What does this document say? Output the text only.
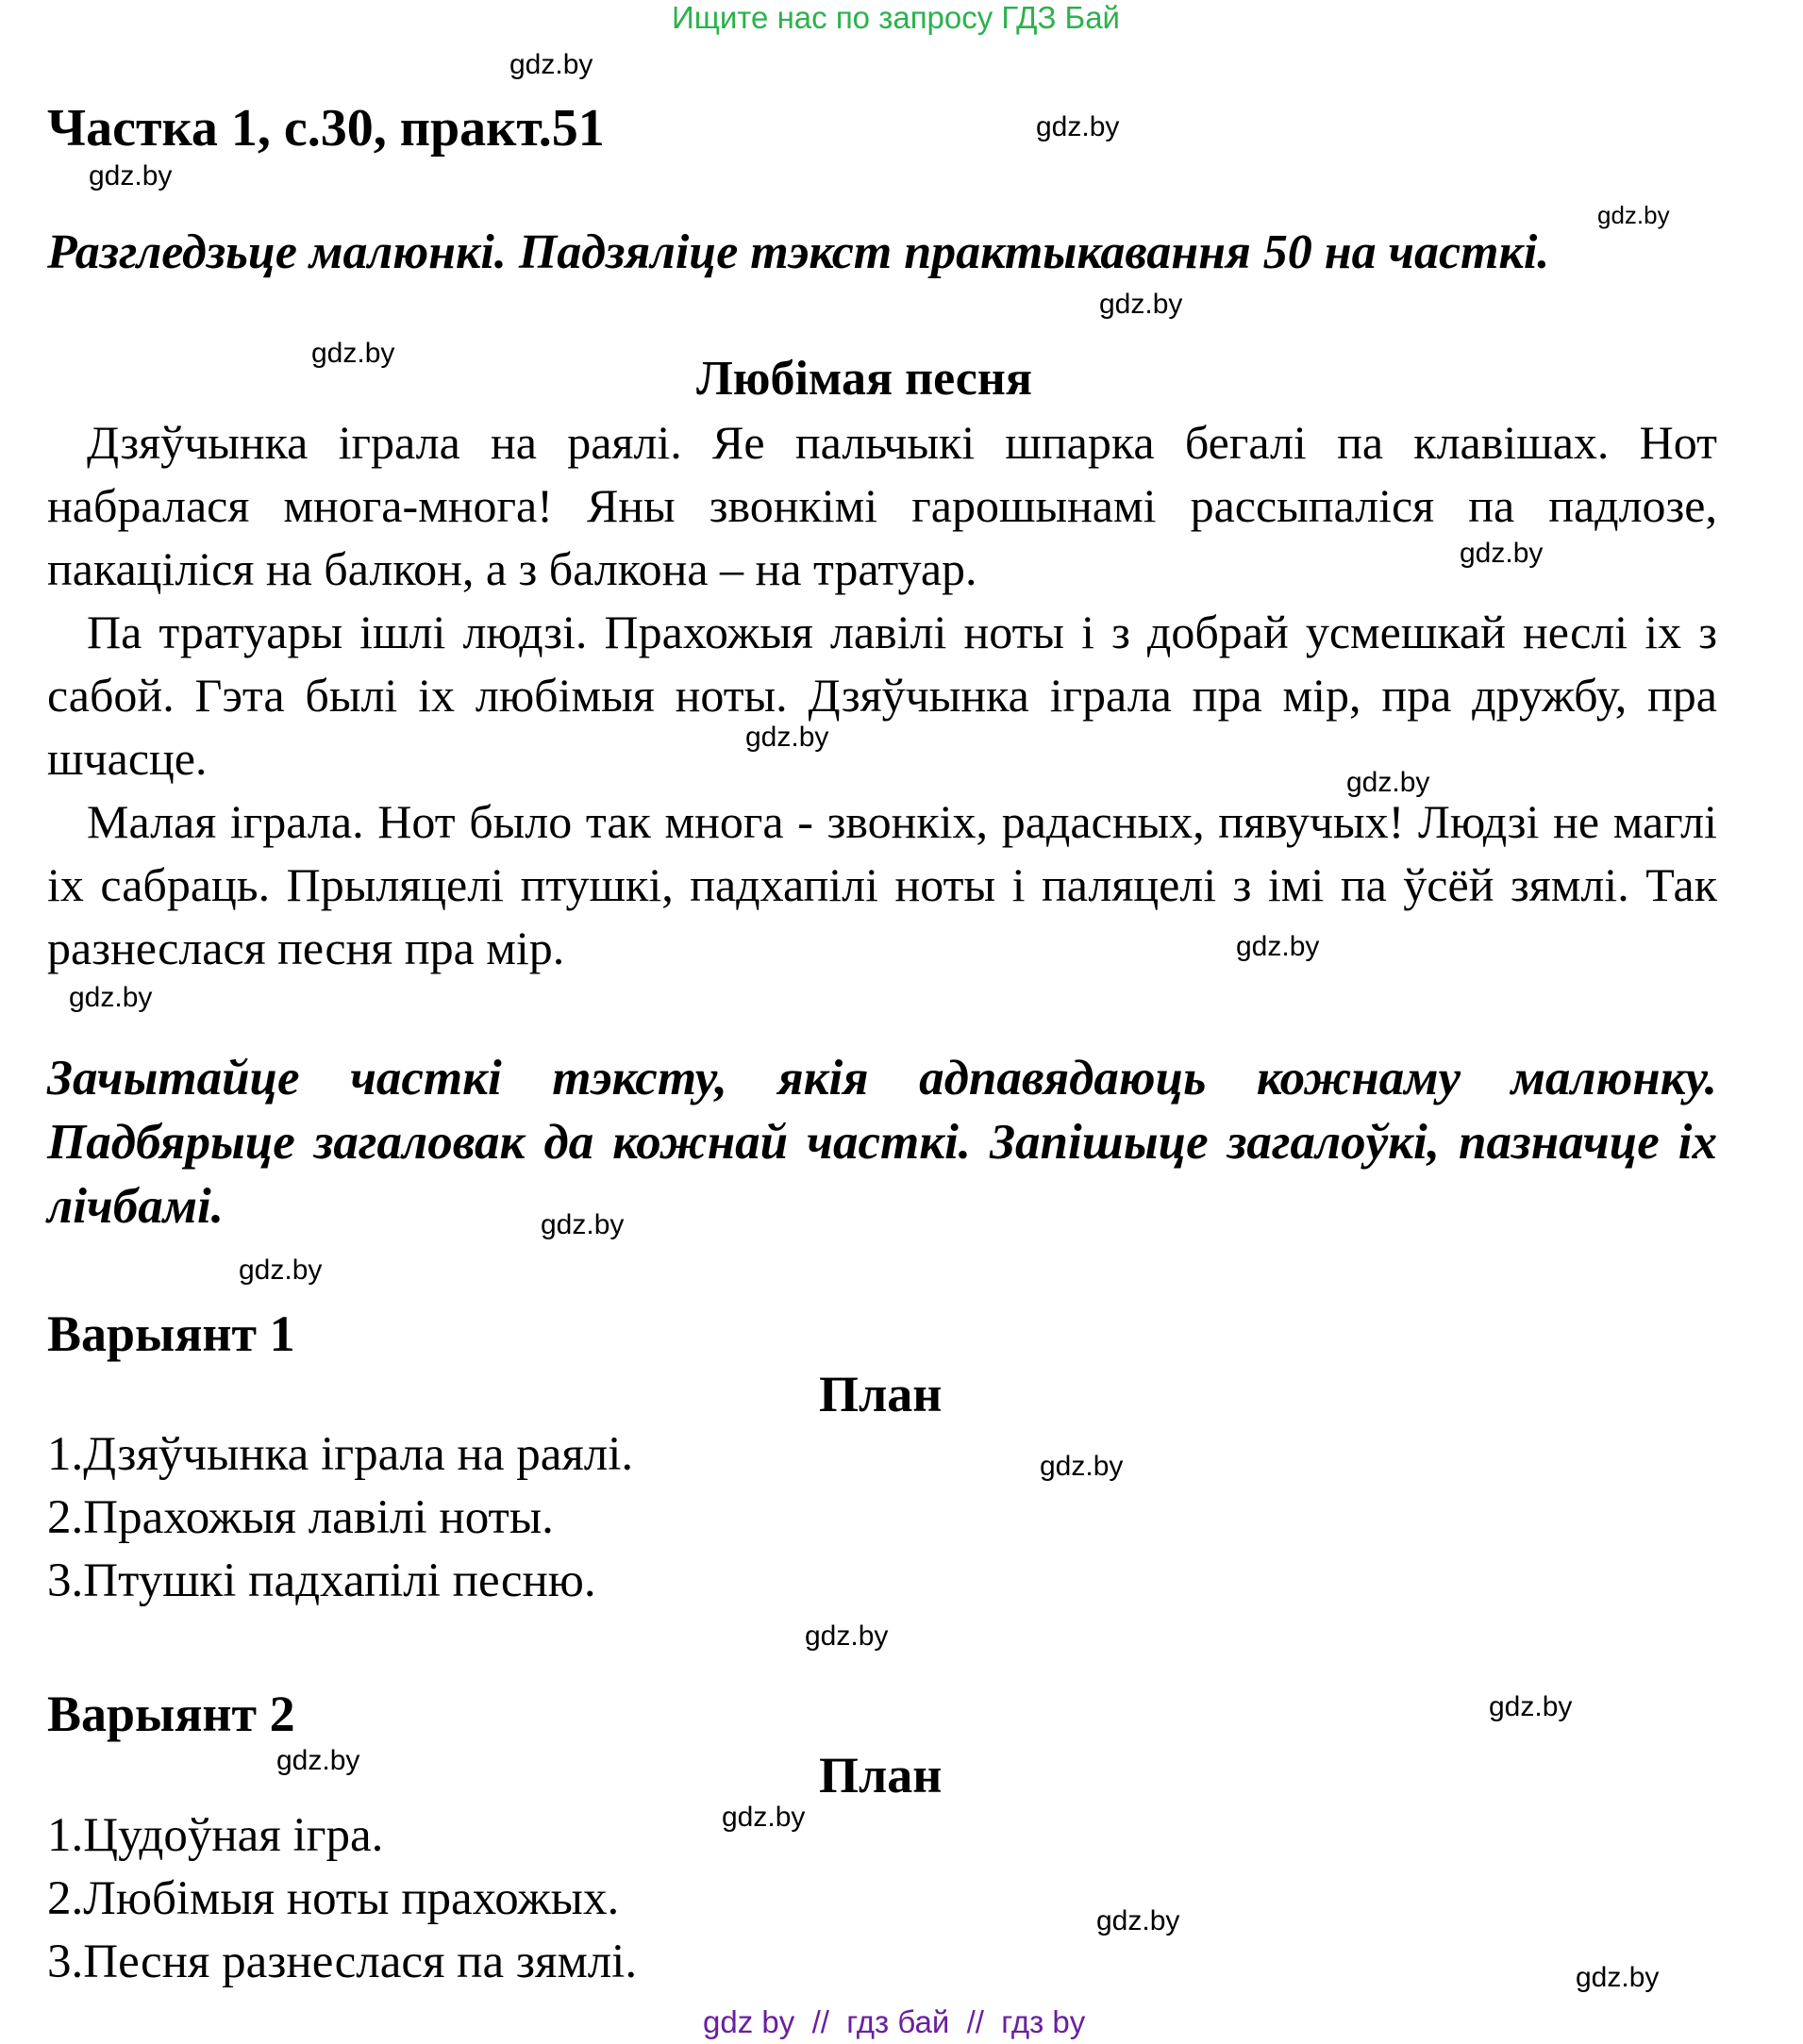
Ищите нас по запросу ГДЗ Бай
Частка 1, с.30, практ.51
Разгледзьце малюнкі. Падзяліце тэкст практыкавання 50 на часткі.
Любімая песня

Дзяўчынка іграла на раялі. Яе пальчыкі шпарка бегалі па клавішах. Нот набралася многа-многа! Яны звонкімі гарошынамі рассыпаліся па падлозе, пакаціліся на балкон, а з балкона – на тратуар.

Па тратуары ішлі людзі. Прахожыя лавілі ноты і з добрай усмешкай неслі іх з сабой. Гэта былі іх любімыя ноты. Дзяўчынка іграла пра мір, пра дружбу, пра шчасце.

Малая іграла. Нот было так многа - звонкіх, радасных, пявучых! Людзі не маглі іх сабраць. Прыляцелі птушкі, падхапілі ноты і паляцелі з імі па ўсёй зямлі. Так разнеслася песня пра мір.

Зачытайце часткі тэксту, якія адпавядаюць кожнаму малюнку. Падбярыце загаловак да кожнай часткі. Запішыце загалоўкі, пазначце іх лічбамі.
Варыянт 1
План
1.Дзяўчынка іграла на раялі.
2.Прахожыя лавілі ноты.
3.Птушкі падхапілі песню.
Варыянт 2
План
1.Цудоўная ігра.
2.Любімыя ноты прахожых.
3.Песня разнеслася па зямлі.
gdz.by
gdz.by
gdz.by
gdz.by
gdz.by
gdz.by
gdz.by
gdz.by
gdz.by
gdz.by
gdz.by
gdz.by
gdz.by
gdz.by
gdz.by
gdz.by
gdz.by
gdz.by
gdz.by
gdz.by
gdz by  //  гдз бай  //  гдз by
